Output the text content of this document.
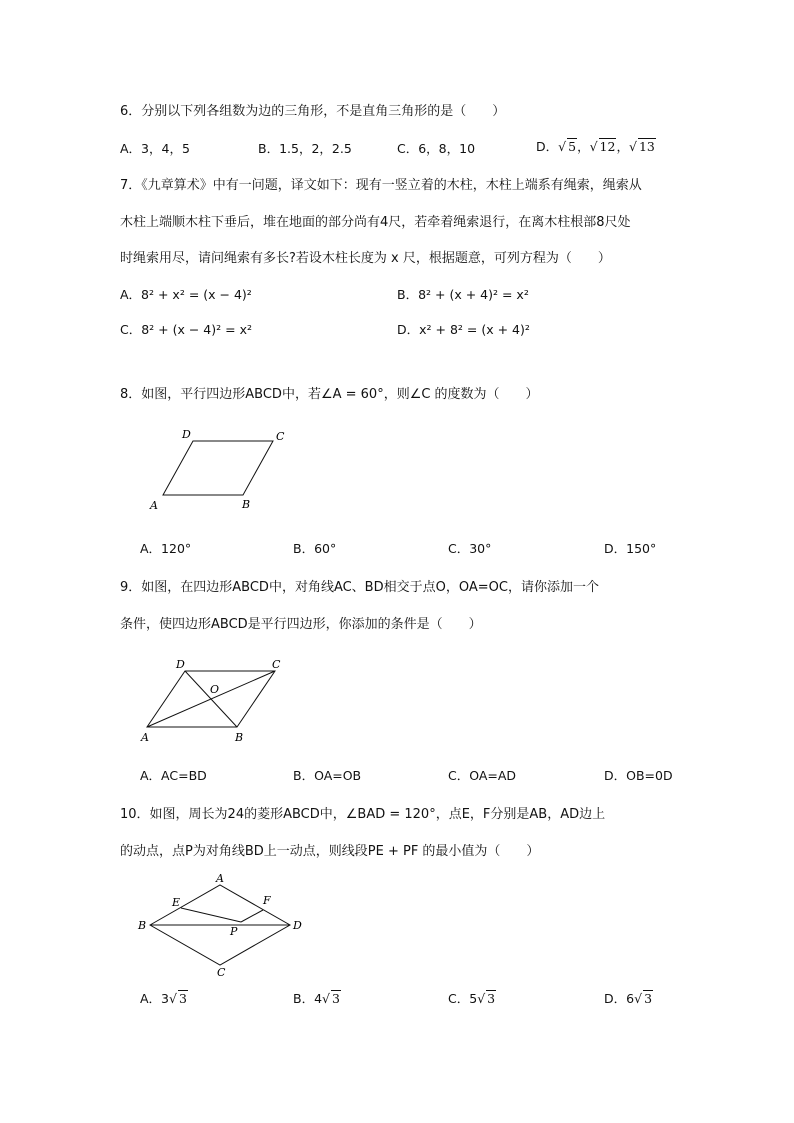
6．分别以下列各组数为边的三角形，不是直角三角形的是（　　）
A．3，4，5	B．1.5，2，2.5	C．6，8，10	D．√ 5，√ 12，√ 13
7．《九章算术》中有一问题，译文如下：现有一竖立着的木柱，木柱上端系有绳索，绳索从
木柱上端顺木柱下垂后，堆在地面的部分尚有4尺，若牵着绳索退行，在离木柱根部8尺处
时绳索用尽，请问绳索有多长?若设木柱长度为 x 尺，根据题意，可列方程为（　　）
A．8² + x² = (x − 4)²	B．8² + (x + 4)² = x²
C．8² + (x − 4)² = x²	D．x² + 8² = (x + 4)²
8．如图，平行四边形ABCD中，若∠A = 60°，则∠C 的度数为（　　）
D	C
A	B
A．120°	B．60°	C．30°	D．150°
9．如图，在四边形ABCD中，对角线AC、BD相交于点O，OA=OC，请你添加一个
条件，使四边形ABCD是平行四边形，你添加的条件是（　　）
D	C
O
A	B
A．AC=BD	B．OA=OB	C．OA=AD	D．OB=0D
10．如图，周长为24的菱形ABCD中，∠BAD = 120°，点E，F分别是AB，AD边上
的动点，点P为对角线BD上一动点，则线段PE + PF 的最小值为（　　）
A
E	F
B	P	D
C
A．3√ 3	B．4√ 3	C．5√ 3	D．6√ 3
